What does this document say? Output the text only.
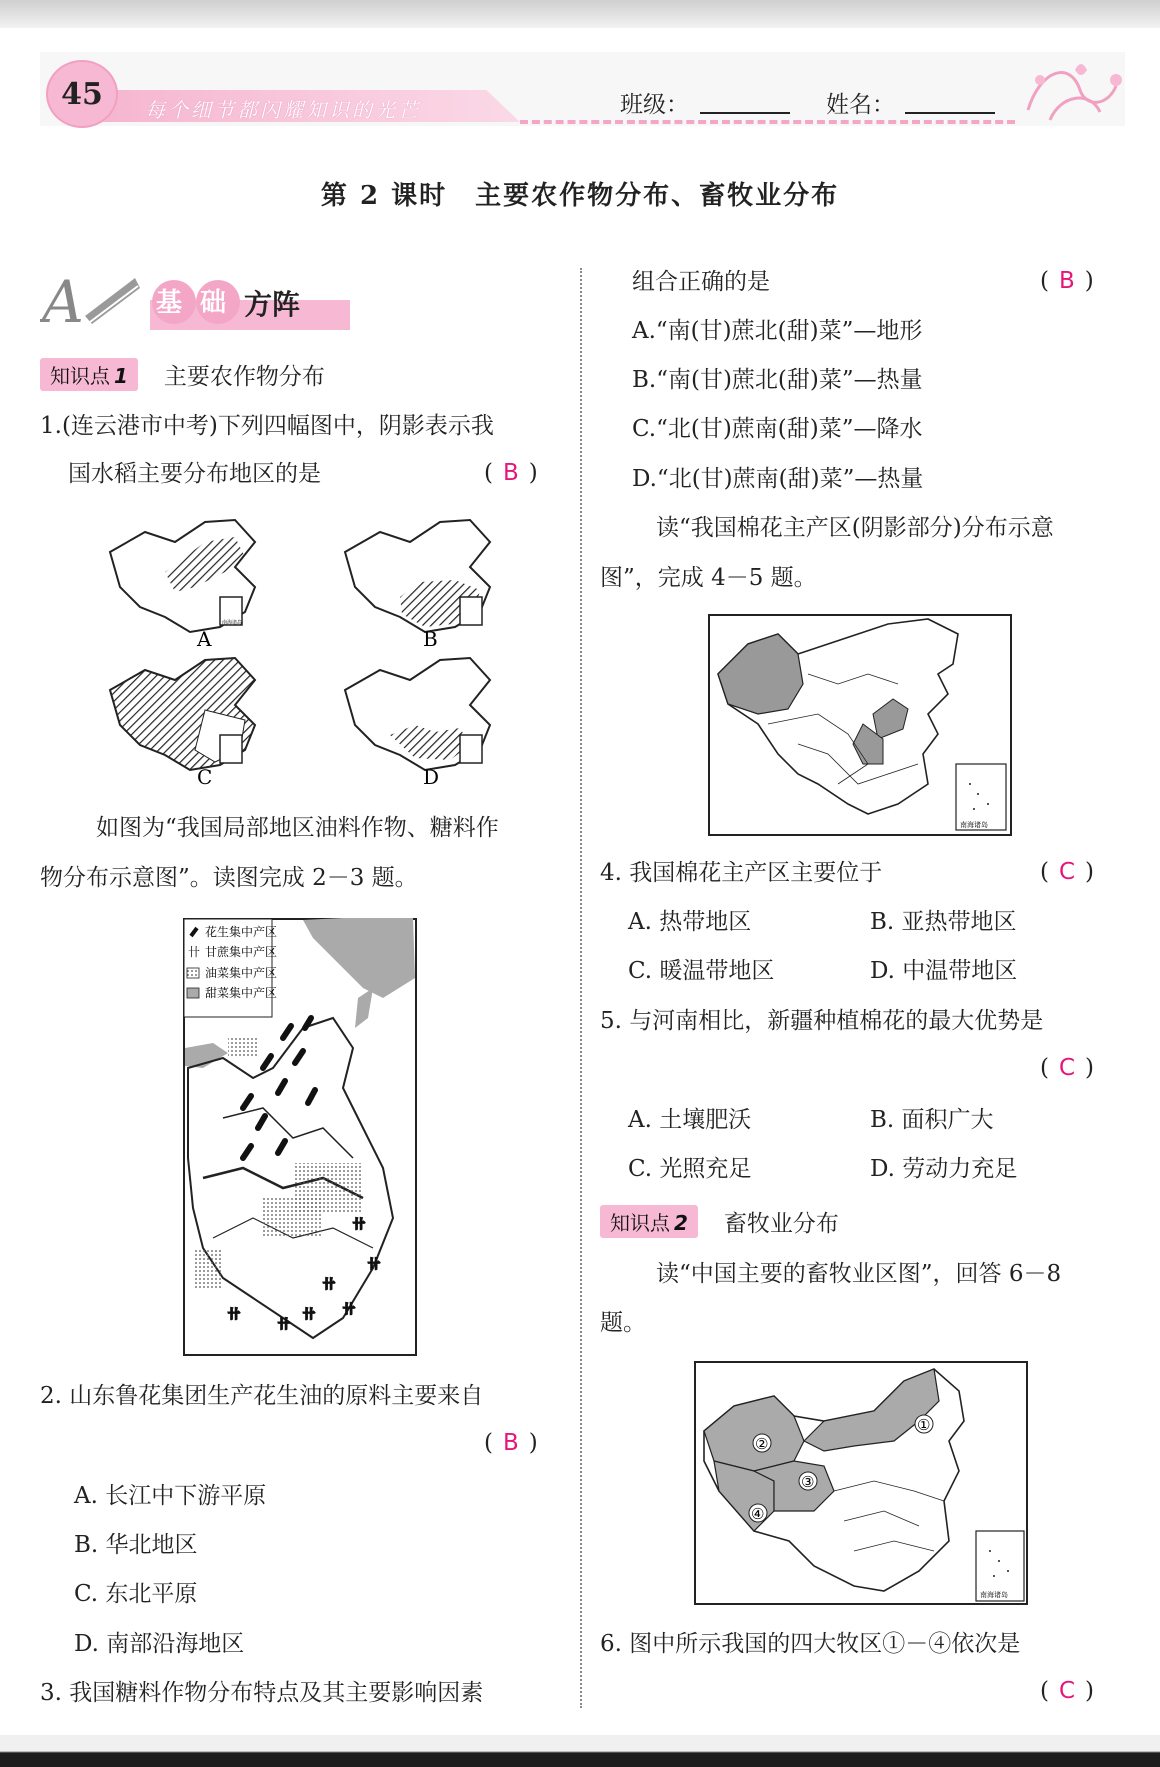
45	每个细节都闪耀知识的光芒	班级：	姓名：
第 2 课时　主要农作物分布、畜牧业分布
A	基 础 方阵
知识点 1	主要农作物分布
1.(连云港市中考)下列四幅图中，阴影表示我
国水稻主要分布地区的是	( B )
A	B
C	D
南海诸岛
如图为“我国局部地区油料作物、糖料作
物分布示意图”。读图完成 2－3 题。
卄
卄
卄
卄 卄
卄
卄
卄
花生集中产区
甘蔗集中产区
油菜集中产区
甜菜集中产区
2. 山东鲁花集团生产花生油的原料主要来自
( B )
A. 长江中下游平原
B. 华北地区
C. 东北平原
D. 南部沿海地区
3. 我国糖料作物分布特点及其主要影响因素
组合正确的是	( B )
A.“南(甘)蔗北(甜)菜”—地形
B.“南(甘)蔗北(甜)菜”—热量
C.“北(甘)蔗南(甜)菜”—降水
D.“北(甘)蔗南(甜)菜”—热量
读“我国棉花主产区(阴影部分)分布示意
图”，完成 4－5 题。
南海诸岛
4. 我国棉花主产区主要位于	( C )
A. 热带地区	B. 亚热带地区
C. 暖温带地区	D. 中温带地区
5. 与河南相比，新疆种植棉花的最大优势是
( C )
A. 土壤肥沃	B. 面积广大
C. 光照充足	D. 劳动力充足
知识点 2	畜牧业分布
读“中国主要的畜牧业区图”，回答 6－8
题。
①
②
③
④
南海诸岛
6. 图中所示我国的四大牧区①－④依次是
( C )
